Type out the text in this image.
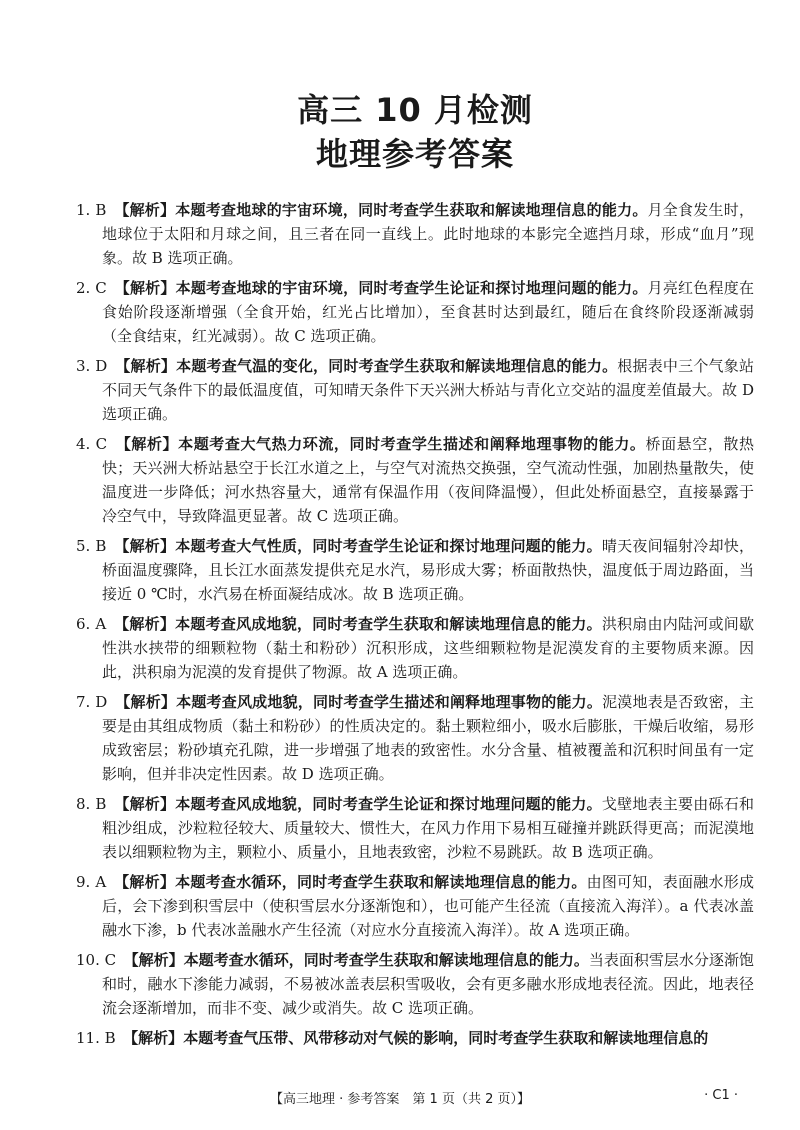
高三 10 月检测
地理参考答案
1. B　 【解析】本题考查地球的宇宙环境，同时考查学生获取和解读地理信息的能力。月全食发生时，地球位于太阳和月球之间，且三者在同一直线上。此时地球的本影完全遮挡月球，形成“血月”现象。故 B 选项正确。
2. C　 【解析】本题考查地球的宇宙环境，同时考查学生论证和探讨地理问题的能力。月亮红色程度在食始阶段逐渐增强（全食开始，红光占比增加），至食甚时达到最红，随后在食终阶段逐渐减弱（全食结束，红光减弱）。故 C 选项正确。
3. D　 【解析】本题考查气温的变化，同时考查学生获取和解读地理信息的能力。根据表中三个气象站不同天气条件下的最低温度值，可知晴天条件下天兴洲大桥站与青化立交站的温度差值最大。故 D 选项正确。
4. C　 【解析】本题考查大气热力环流，同时考查学生描述和阐释地理事物的能力。桥面悬空，散热快；天兴洲大桥站悬空于长江水道之上，与空气对流热交换强，空气流动性强，加剧热量散失，使温度进一步降低；河水热容量大，通常有保温作用（夜间降温慢），但此处桥面悬空，直接暴露于冷空气中，导致降温更显著。故 C 选项正确。
5. B　 【解析】本题考查大气性质，同时考查学生论证和探讨地理问题的能力。晴天夜间辐射冷却快，桥面温度骤降，且长江水面蒸发提供充足水汽，易形成大雾；桥面散热快，温度低于周边路面，当接近 0 ℃时，水汽易在桥面凝结成冰。故 B 选项正确。
6. A　 【解析】本题考查风成地貌，同时考查学生获取和解读地理信息的能力。洪积扇由内陆河或间歇性洪水挟带的细颗粒物（黏土和粉砂）沉积形成，这些细颗粒物是泥漠发育的主要物质来源。因此，洪积扇为泥漠的发育提供了物源。故 A 选项正确。
7. D　 【解析】本题考查风成地貌，同时考查学生描述和阐释地理事物的能力。泥漠地表是否致密，主要是由其组成物质（黏土和粉砂）的性质决定的。黏土颗粒细小，吸水后膨胀，干燥后收缩，易形成致密层；粉砂填充孔隙，进一步增强了地表的致密性。水分含量、植被覆盖和沉积时间虽有一定影响，但并非决定性因素。故 D 选项正确。
8. B　 【解析】本题考查风成地貌，同时考查学生论证和探讨地理问题的能力。戈壁地表主要由砾石和粗沙组成，沙粒粒径较大、质量较大、惯性大，在风力作用下易相互碰撞并跳跃得更高；而泥漠地表以细颗粒物为主，颗粒小、质量小，且地表致密，沙粒不易跳跃。故 B 选项正确。
9. A　 【解析】本题考查水循环，同时考查学生获取和解读地理信息的能力。由图可知，表面融水形成后，会下渗到积雪层中（使积雪层水分逐渐饱和），也可能产生径流（直接流入海洋）。a 代表冰盖融水下渗，b 代表冰盖融水产生径流（对应水分直接流入海洋）。故 A 选项正确。
10. C　 【解析】本题考查水循环，同时考查学生获取和解读地理信息的能力。当表面积雪层水分逐渐饱和时，融水下渗能力减弱，不易被冰盖表层积雪吸收，会有更多融水形成地表径流。因此，地表径流会逐渐增加，而非不变、减少或消失。故 C 选项正确。
11. B　 【解析】本题考查气压带、风带移动对气候的影响，同时考查学生获取和解读地理信息的
【高三地理 · 参考答案　第 1 页（共 2 页）】	· C1 ·
